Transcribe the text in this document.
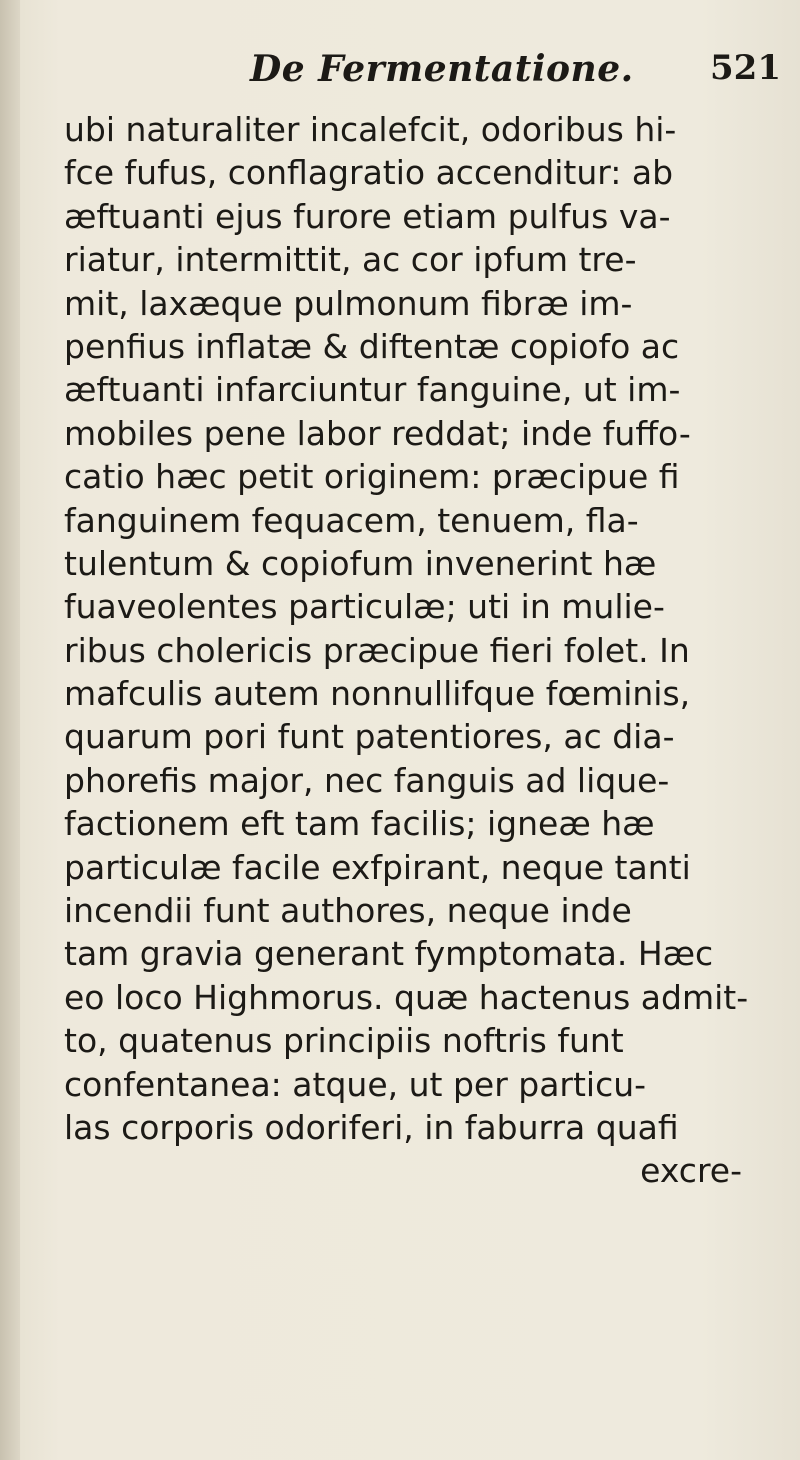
De Fermentatione. 521
ubi naturaliter incalefcit, odoribus hi-
fce fufus, conflagratio accenditur: ab
æftuanti ejus furore etiam pulfus va-
riatur, intermittit, ac cor ipfum tre-
mit, laxæque pulmonum fibræ im-
penfius inflatæ & diftentæ copiofo ac
æftuanti infarciuntur fanguine, ut im-
mobiles pene labor reddat; inde fuffo-
catio hæc petit originem: præcipue fi
fanguinem fequacem, tenuem, fla-
tulentum & copiofum invenerint hæ
fuaveolentes particulæ; uti in mulie-
ribus cholericis præcipue fieri folet. In
mafculis autem nonnullifque fœminis,
quarum pori funt patentiores, ac dia-
phorefis major, nec fanguis ad lique-
factionem eft tam facilis; igneæ hæ
particulæ facile exfpirant, neque tanti
incendii funt authores, neque inde
tam gravia generant fymptomata. Hæc
eo loco Highmorus. quæ hactenus admit-
to, quatenus principiis noftris funt
confentanea: atque, ut per particu-
las corporis odoriferi, in faburra quafi
excre-
